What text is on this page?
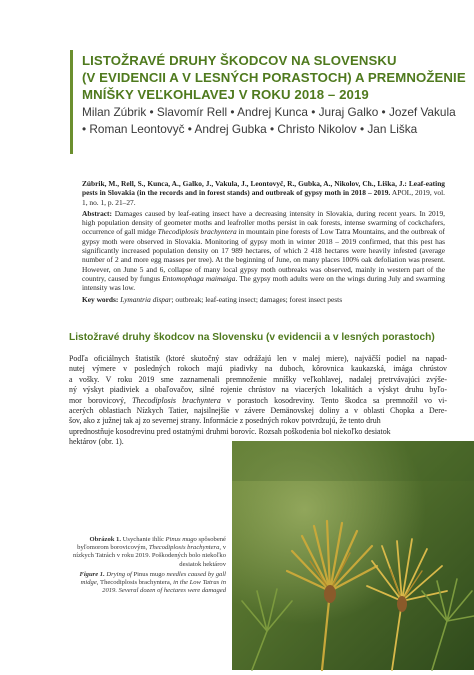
LISTOŽRAVÉ DRUHY ŠKODCOV NA SLOVENSKU
(V EVIDENCII A V LESNÝCH PORASTOCH) A PREMNOŽENIE
MNÍŠKY VEĽKOHLAVEJ V ROKU 2018 – 2019
Milan Zúbrik • Slavomír Rell • Andrej Kunca • Juraj Galko • Jozef Vakula
• Roman Leontovyč • Andrej Gubka • Christo Nikolov • Jan Liška

Zúbrik, M., Rell, S., Kunca, A., Galko, J., Vakula, J., Leontovyč, R., Gubka, A., Nikolov, Ch., Liška, J.: Leaf-eating pests in Slovakia (in the records and in forest stands) and outbreak of gypsy moth in 2018 – 2019. APOL, 2019, vol. 1, no. 1, p. 21–27.

Abstract: Damages caused by leaf-eating insect have a decreasing intensity in Slovakia, during recent years. In 2019, high population density of geometer moths and leafroller moths persist in oak forests, intense swarming of cockchafers, occurrence of gall midge Thecodiplosis brachyntera in mountain pine forests of Low Tatra Mountains, and the outbreak of gypsy moth were observed in Slovakia. Monitoring of gypsy moth in winter 2018 – 2019 confirmed, that this pest has significantly increased population density on 17 989 hectares, of which 2 418 hectares were heavily infested (average number of 2 and more egg masses per tree). At the beginning of June, on many places 100% oak defoliation was present. However, on June 5 and 6, collapse of many local gypsy moth outbreaks was observed, mainly in western part of the country, caused by fungus Entomophaga maimaiga. The gypsy moth adults were on the wings during July and swarming intensity was low.

Key words: Lymantria dispar; outbreak; leaf-eating insect; damages; forest insect pests

Listožravé druhy škodcov na Slovensku (v evidencii a v lesných porastoch)
Podľa oficiálnych štatistík (ktoré skutočný stav odrážajú len v malej miere), najväčší podiel na napad-
nutej výmere v posledných rokoch majú piadivky na duboch, kôrovnica kaukazská, imága chrústov
a vošky. V roku 2019 sme zaznamenali premnoženie mníšky veľkohlavej, nadalej pretrvávajúci zvýše-
ný výskyt piadiviek a obaľovačov, silné rojenie chrústov na viacerých lokalitách a výskyt druhu byľo-
mor borovicový, Thecodiplosis brachyntera v porastoch kosodreviny. Tento škodca sa premnožil vo vi-
acerých oblastiach Nízkych Tatier, najsilnejšie v závere Demänovskej doliny a v oblasti Chopka a Dere-
šov, ako z južnej tak aj zo severnej strany. Informácie z posedných rokov potvrdzujú, že tento druh
uprednostňuje kosodrevinu pred ostatnými druhmi borovíc. Rozsah poškodenia bol niekoľko desiatok
hektárov (obr. 1).

Obrázok 1. Usychanie ihlíc Pinus mugo spôsobené byľomorom borovicovým, Thecodiplosis brachyntera, v nízkych Tatrách v roku 2019. Poškodených bolo niekoľko desiatok hektárov

Figure 1. Drying of Pinus mugo needles caused by gall midge, Thecodiplosis brachyntera, in the Low Tatras in 2019. Several dozen of hectares were damaged
